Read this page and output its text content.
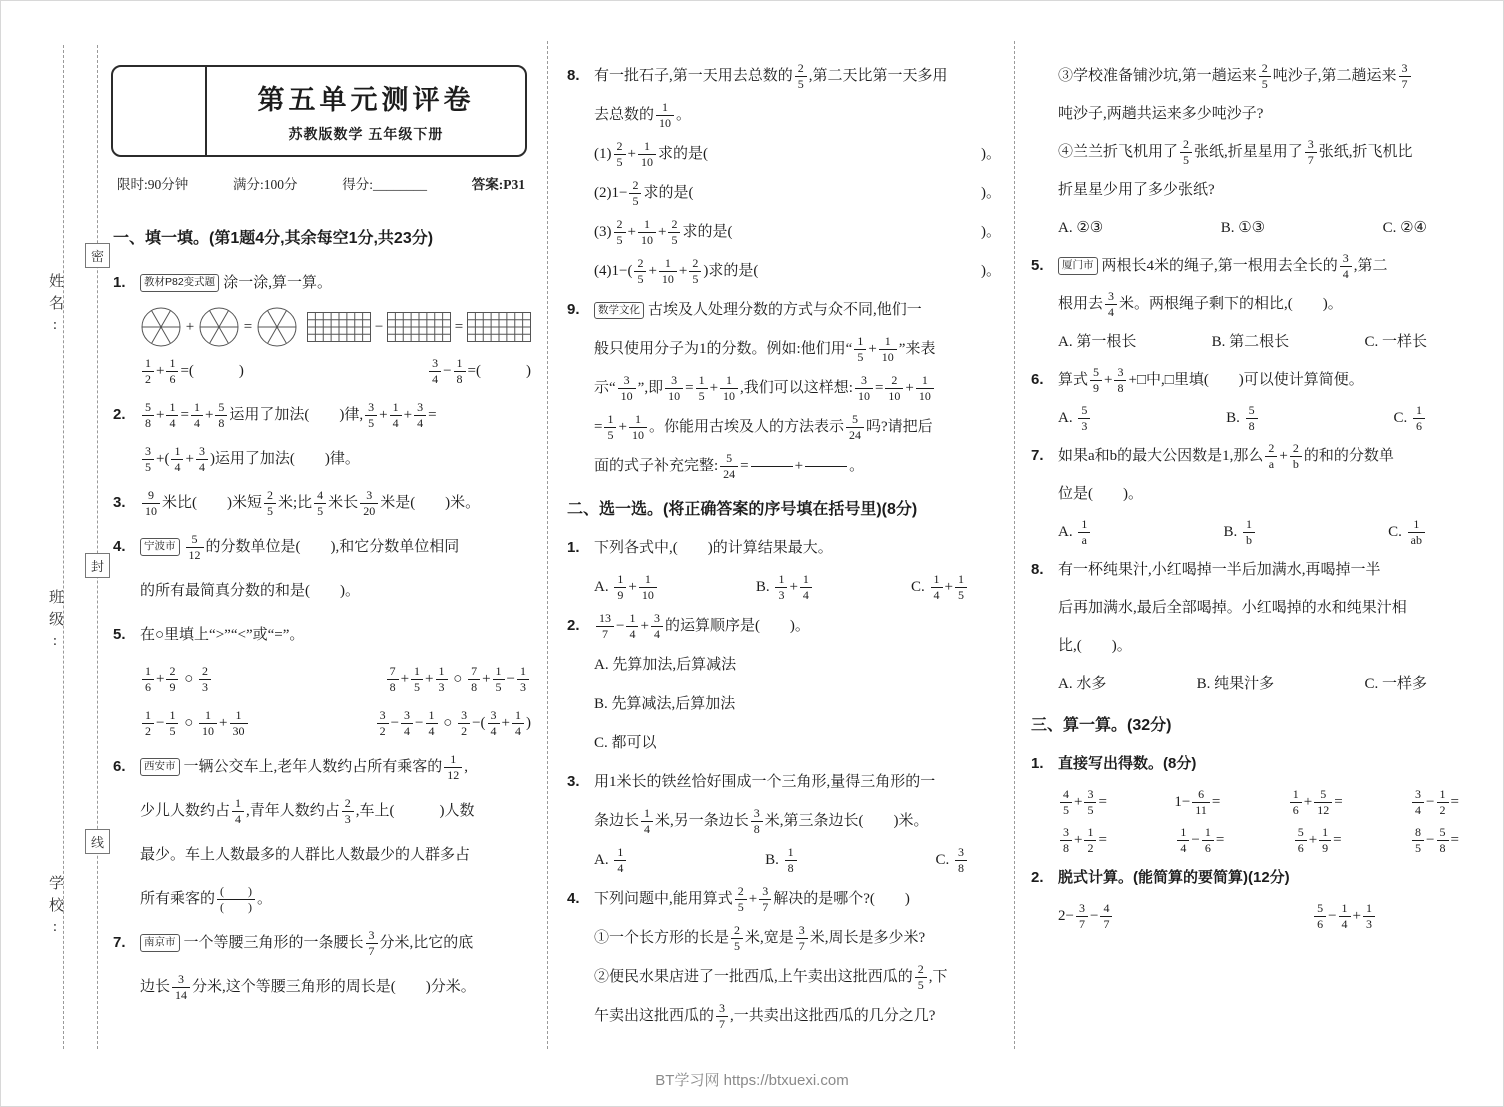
姓名:
班级:
学校:
密
封
线
第五单元测评卷
苏教版数学 五年级下册
限时:90分钟	满分:100分	得分:________	答案:P31
一、填一填。(第1题4分,其余每空1分,共23分)
1.	教材P82变式题 涂一涂,算一算。
+	=	−	=
$\frac{1}{2} + \frac{1}{6}$ =(　　　)	$\frac{3}{4} - \frac{1}{8}$ =(　　　)
2.	$\frac{5}{8} + \frac{1}{4} = \frac{1}{4} + \frac{5}{8}$ 运用了加法(　　)律, $\frac{3}{5} + \frac{1}{4} + \frac{3}{4}$ =
$\frac{3}{5}$ +( $\frac{1}{4} + \frac{3}{4}$ )运用了加法(　　)律。
3.	$\frac{9}{10}$ 米比(　　)米短 $\frac{2}{5}$ 米;比 $\frac{4}{5}$ 米长 $\frac{3}{20}$ 米是(　　)米。
4.	宁波市 $\frac{5}{12}$ 的分数单位是(　　),和它分数单位相同
的所有最简真分数的和是(　　)。
5. 在○里填上“>”“<”或“=”。
$\frac{1}{6} + \frac{2}{9}$ ○ $\frac{2}{3}$	$\frac{7}{8} + \frac{1}{5} + \frac{1}{3}$ ○ $\frac{7}{8} + \frac{1}{5} - \frac{1}{3}$
$\frac{1}{2} - \frac{1}{5}$ ○ $\frac{1}{10} + \frac{1}{30}$	$\frac{3}{2} - \frac{3}{4} - \frac{1}{4}$ ○ $\frac{3}{2}$ −( $\frac{3}{4} + \frac{1}{4}$ )
6.	西安市 一辆公交车上,老年人数约占所有乘客的 $\frac{1}{12}$ ,
少儿人数约占 $\frac{1}{4}$ ,青年人数约占 $\frac{2}{3}$ ,车上(　　　)人数
最少。车上人数最多的人群比人数最少的人群多占
所有乘客的 $\frac{( )}{( )}$ 。
7.	南京市 一个等腰三角形的一条腰长 $\frac{3}{7}$ 分米,比它的底
边长 $\frac{3}{14}$ 分米,这个等腰三角形的周长是(　　)分米。
8. 有一批石子,第一天用去总数的 $\frac{2}{5}$ ,第二天比第一天多用
去总数的 $\frac{1}{10}$ 。
$(1) \frac{2}{5} + \frac{1}{10}$ 求的是(	)。
$(2)1- \frac{2}{5}$ 求的是(	)。
$(3) \frac{2}{5} + \frac{1}{10} + \frac{2}{5}$ 求的是(	)。
$(4)1-( \frac{2}{5} + \frac{1}{10} + \frac{2}{5}$ )求的是(	)。
9.	数学文化 古埃及人处理分数的方式与众不同,他们一
般只使用分子为1的分数。例如:他们用“ $\frac{1}{5} + \frac{1}{10}$ ”来表
示“ $\frac{3}{10}$ ”,即 $\frac{3}{10} = \frac{1}{5} + \frac{1}{10}$ ,我们可以这样想: $\frac{3}{10} = \frac{2}{10} + \frac{1}{10}$
= $\frac{1}{5} + \frac{1}{10}$ 。你能用古埃及人的方法表示 $\frac{5}{24}$ 吗?请把后
面的式子补充完整: $\frac{5}{24}$ =	+	。
二、选一选。(将正确答案的序号填在括号里)(8分)
1. 下列各式中,(　　)的计算结果最大。
A. $\frac{1}{9} + \frac{1}{10}$	B. $\frac{1}{3} + \frac{1}{4}$	C. $\frac{1}{4} + \frac{1}{5}$
2.	$\frac{13}{7} - \frac{1}{4} + \frac{3}{4}$ 的运算顺序是(　　)。
A. 先算加法,后算减法
B. 先算减法,后算加法
C. 都可以
3. 用1米长的铁丝恰好围成一个三角形,量得三角形的一
条边长 $\frac{1}{4}$ 米,另一条边长 $\frac{3}{8}$ 米,第三条边长(　　)米。
A. $\frac{1}{4}$	B. $\frac{1}{8}$	C. $\frac{3}{8}$
4. 下列问题中,能用算式 $\frac{2}{5} + \frac{3}{7}$ 解决的是哪个?(　　)
①一个长方形的长是 $\frac{2}{5}$ 米,宽是 $\frac{3}{7}$ 米,周长是多少米?
②便民水果店进了一批西瓜,上午卖出这批西瓜的 $\frac{2}{5}$ ,下
午卖出这批西瓜的 $\frac{3}{7}$ ,一共卖出这批西瓜的几分之几?
③学校准备铺沙坑,第一趟运来 $\frac{2}{5}$ 吨沙子,第二趟运来 $\frac{3}{7}$
吨沙子,两趟共运来多少吨沙子?
④兰兰折飞机用了 $\frac{2}{5}$ 张纸,折星星用了 $\frac{3}{7}$ 张纸,折飞机比
折星星少用了多少张纸?
A. ②③	B. ①③	C. ②④
5.	厦门市 两根长4米的绳子,第一根用去全长的 $\frac{3}{4}$ ,第二
根用去 $\frac{3}{4}$ 米。两根绳子剩下的相比,(　　)。
A. 第一根长	B. 第二根长	C. 一样长
6. 算式 $\frac{5}{9} + \frac{3}{8}$ +□中,□里填(　　)可以使计算简便。
A. $\frac{5}{3}$	B. $\frac{5}{8}$	C. $\frac{1}{6}$
7. 如果a和b的最大公因数是1,那么 $\frac{2}{a} + \frac{2}{b}$ 的和的分数单
位是(　　)。
A. $\frac{1}{a}$	B. $\frac{1}{b}$	C. $\frac{1}{ab}$
8. 有一杯纯果汁,小红喝掉一半后加满水,再喝掉一半
后再加满水,最后全部喝掉。小红喝掉的水和纯果汁相
比,(　　)。
A. 水多	B. 纯果汁多	C. 一样多
三、算一算。(32分)
1. 直接写出得数。(8分)
$\frac{4}{5} + \frac{3}{5}$ =	$1- \frac{6}{11}$ =	$\frac{1}{6} + \frac{5}{12}$ =	$\frac{3}{4} - \frac{1}{2}$ =
$\frac{3}{8} + \frac{1}{2}$ =	$\frac{1}{4} - \frac{1}{6}$ =	$\frac{5}{6} + \frac{1}{9}$ =	$\frac{8}{5} - \frac{5}{8}$ =
2. 脱式计算。(能简算的要简算)(12分)
$2- \frac{3}{7} - \frac{4}{7}$	$\frac{5}{6} - \frac{1}{4} + \frac{1}{3}$
BT学习网 https://btxuexi.com
